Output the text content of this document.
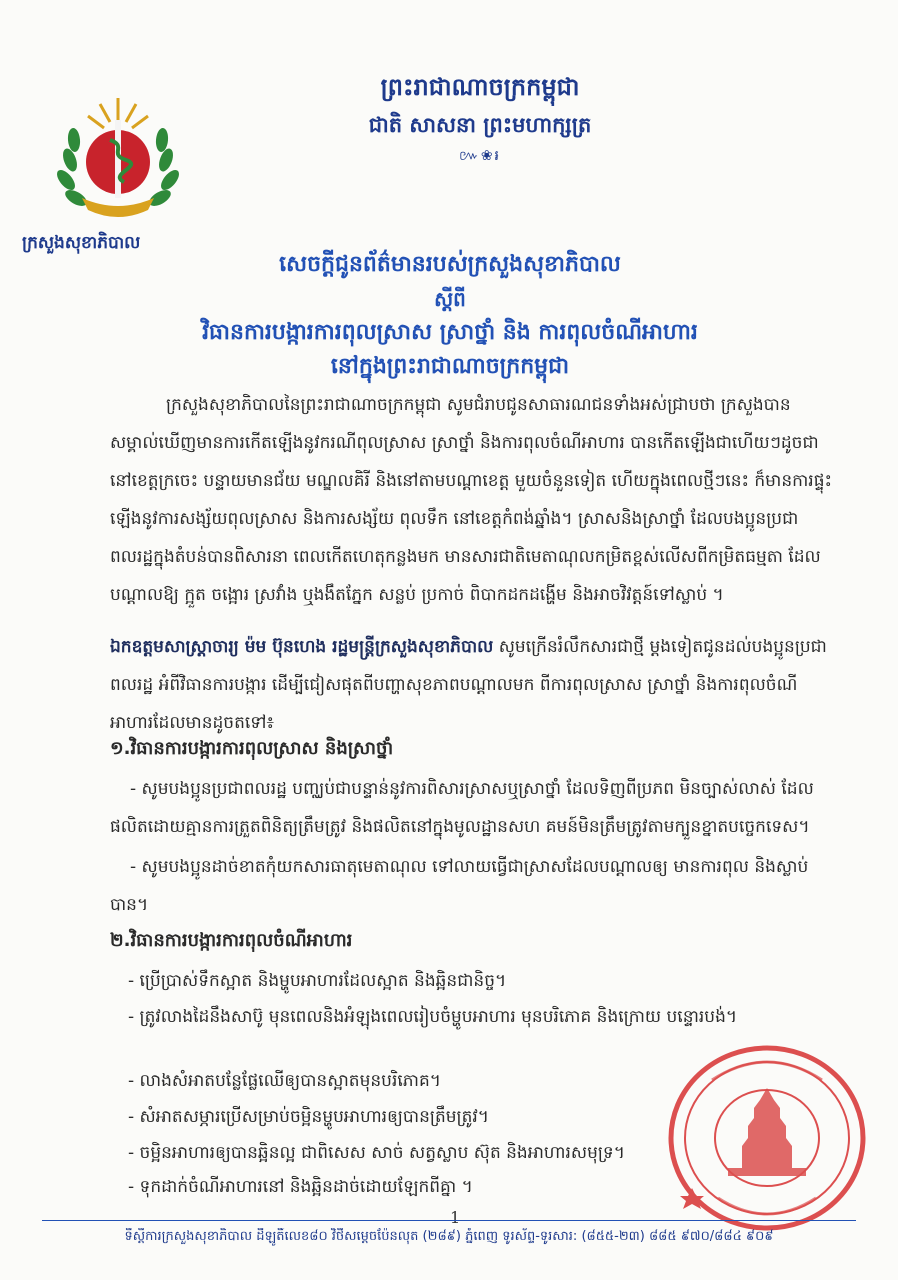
ក្រសួងសុខាភិបាល
ព្រះរាជាណាចក្រកម្ពុជា
ជាតិ សាសនា ព្រះមហាក្សត្រ
៚❀៛
សេចក្តីជូនព័ត៌មានរបស់ក្រសួងសុខាភិបាល
ស្តីពី
វិធានការបង្ការការពុលស្រាស ស្រាថ្នាំ និង ការពុលចំណីអាហារ
នៅក្នុងព្រះរាជាណាចក្រកម្ពុជា
ក្រសួងសុខាភិបាលនៃព្រះរាជាណាចក្រកម្ពុជា សូមជំរាបជូនសាធារណជនទាំងអស់ជ្រាបថា ក្រសួងបានសម្គាល់ឃើញមានការកើតឡើងនូវករណីពុលស្រាស ស្រាថ្នាំ និងការពុលចំណីអាហារ បានកើតឡើងជាហើយៗដូចជានៅខេត្តក្រចេះ បន្ទាយមានជ័យ មណ្ឌលគិរី និងនៅតាមបណ្តាខេត្ត មួយចំនួនទៀត ហើយក្នុងពេលថ្មីៗនេះ ក៏មានការផ្ទុះឡើងនូវការសង្ស័យពុលស្រាស និងការសង្ស័យ ពុលទឹក នៅខេត្តកំពង់ឆ្នាំង។ ស្រាសនិងស្រាថ្នាំ ដែលបងប្អូនប្រជាពលរដ្ឋក្នុងតំបន់បានពិសារនា ពេលកើតហេតុកន្លងមក មានសារជាតិមេតាណុលកម្រិតខ្ពស់លើសពីកម្រិតធម្មតា ដែលបណ្តាលឱ្យ ក្អួត ចង្អោរ ស្រវាំង ឬងងឹតភ្នែក សន្លប់ ប្រកាច់ ពិបាកដកដង្ហើម និងអាចវិវត្តន៍ទៅស្លាប់ ។
ឯកឧត្តមសាស្ត្រាចារ្យ ម៉ម ប៊ុនហេង រដ្ឋមន្ត្រីក្រសួងសុខាភិបាល សូមក្រើនរំលឹកសារជាថ្មី ម្តងទៀតជូនដល់បងប្អូនប្រជាពលរដ្ឋ អំពីវិធានការបង្ការ ដើម្បីជៀសផុតពីបញ្ហាសុខភាពបណ្តាលមក ពីការពុលស្រាស ស្រាថ្នាំ និងការពុលចំណីអាហារដែលមានដូចតទៅ៖
១.វិធានការបង្ការការពុលស្រាស និងស្រាថ្នាំ
- សូមបងប្អូនប្រជាពលរដ្ឋ បញ្ឈប់ជាបន្ទាន់នូវការពិសារស្រាសឬស្រាថ្នាំ ដែលទិញពីប្រភព មិនច្បាស់លាស់ ដែលផលិតដោយគ្មានការត្រួតពិនិត្យត្រឹមត្រូវ និងផលិតនៅក្នុងមូលដ្ឋានសហ គមន៍មិនត្រឹមត្រូវតាមក្បួនខ្នាតបច្ចេកទេស។
- សូមបងប្អូនដាច់ខាតកុំយកសារធាតុមេតាណុល ទៅលាយធ្វើជាស្រាសដែលបណ្តាលឲ្យ មានការពុល និងស្លាប់បាន។
២.វិធានការបង្ការការពុលចំណីអាហារ
- ប្រើប្រាស់ទឹកស្អាត និងម្ហូបអាហារដែលស្អាត និងឆ្អិនជានិច្ច។
- ត្រូវលាងដៃនឹងសាប៊ូ មុនពេលនិងអំឡុងពេលរៀបចំម្ហូបអាហារ មុនបរិភោគ និងក្រោយ បន្ទោរបង់។
- លាងសំអាតបន្លែផ្លែឈើឲ្យបានស្អាតមុនបរិភោគ។
- សំអាតសម្ភារប្រើសម្រាប់ចម្អិនម្ហូបអាហារឲ្យបានត្រឹមត្រូវ។
- ចម្អិនអាហារឲ្យបានឆ្អិនល្អ ជាពិសេស សាច់ សត្វស្លាប ស៊ុត និងអាហារសមុទ្រ។
- ទុកដាក់ចំណីអាហារនៅ និងឆ្អិនដាច់ដោយឡែកពីគ្នា ។
1
ទីស្តីការក្រសួងសុខាភិបាល ដីឡូតិ៍លេខ៨០ វិថីសម្តេចប៉ែនលុត (២៨៩) ភ្នំពេញ ទូរស័ព្ទ-ទូរសារ: (៨៥៥-២៣) ៨៨៥ ៩៧០/៨៨៤ ៩០៩
